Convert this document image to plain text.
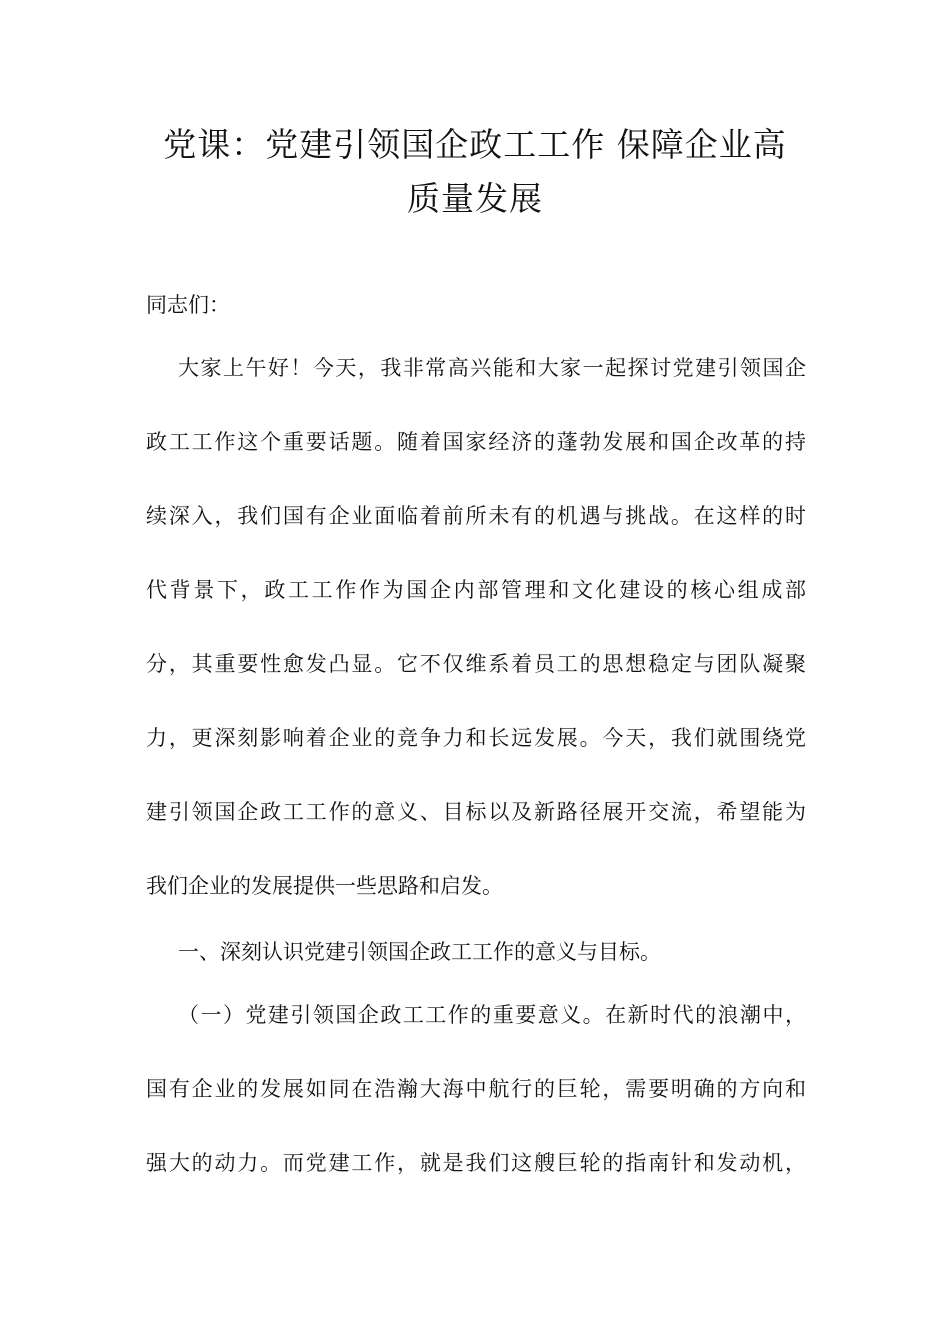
党课：党建引领国企政工工作 保障企业高
质量发展

同志们：

大家上午好！今天，我非常高兴能和大家一起探讨党建引领国企

政工工作这个重要话题。随着国家经济的蓬勃发展和国企改革的持

续深入，我们国有企业面临着前所未有的机遇与挑战。在这样的时

代背景下，政工工作作为国企内部管理和文化建设的核心组成部

分，其重要性愈发凸显。它不仅维系着员工的思想稳定与团队凝聚

力，更深刻影响着企业的竞争力和长远发展。今天，我们就围绕党

建引领国企政工工作的意义、目标以及新路径展开交流，希望能为

我们企业的发展提供一些思路和启发。

一、深刻认识党建引领国企政工工作的意义与目标。

（一）党建引领国企政工工作的重要意义。在新时代的浪潮中，

国有企业的发展如同在浩瀚大海中航行的巨轮，需要明确的方向和

强大的动力。而党建工作，就是我们这艘巨轮的指南针和发动机，
